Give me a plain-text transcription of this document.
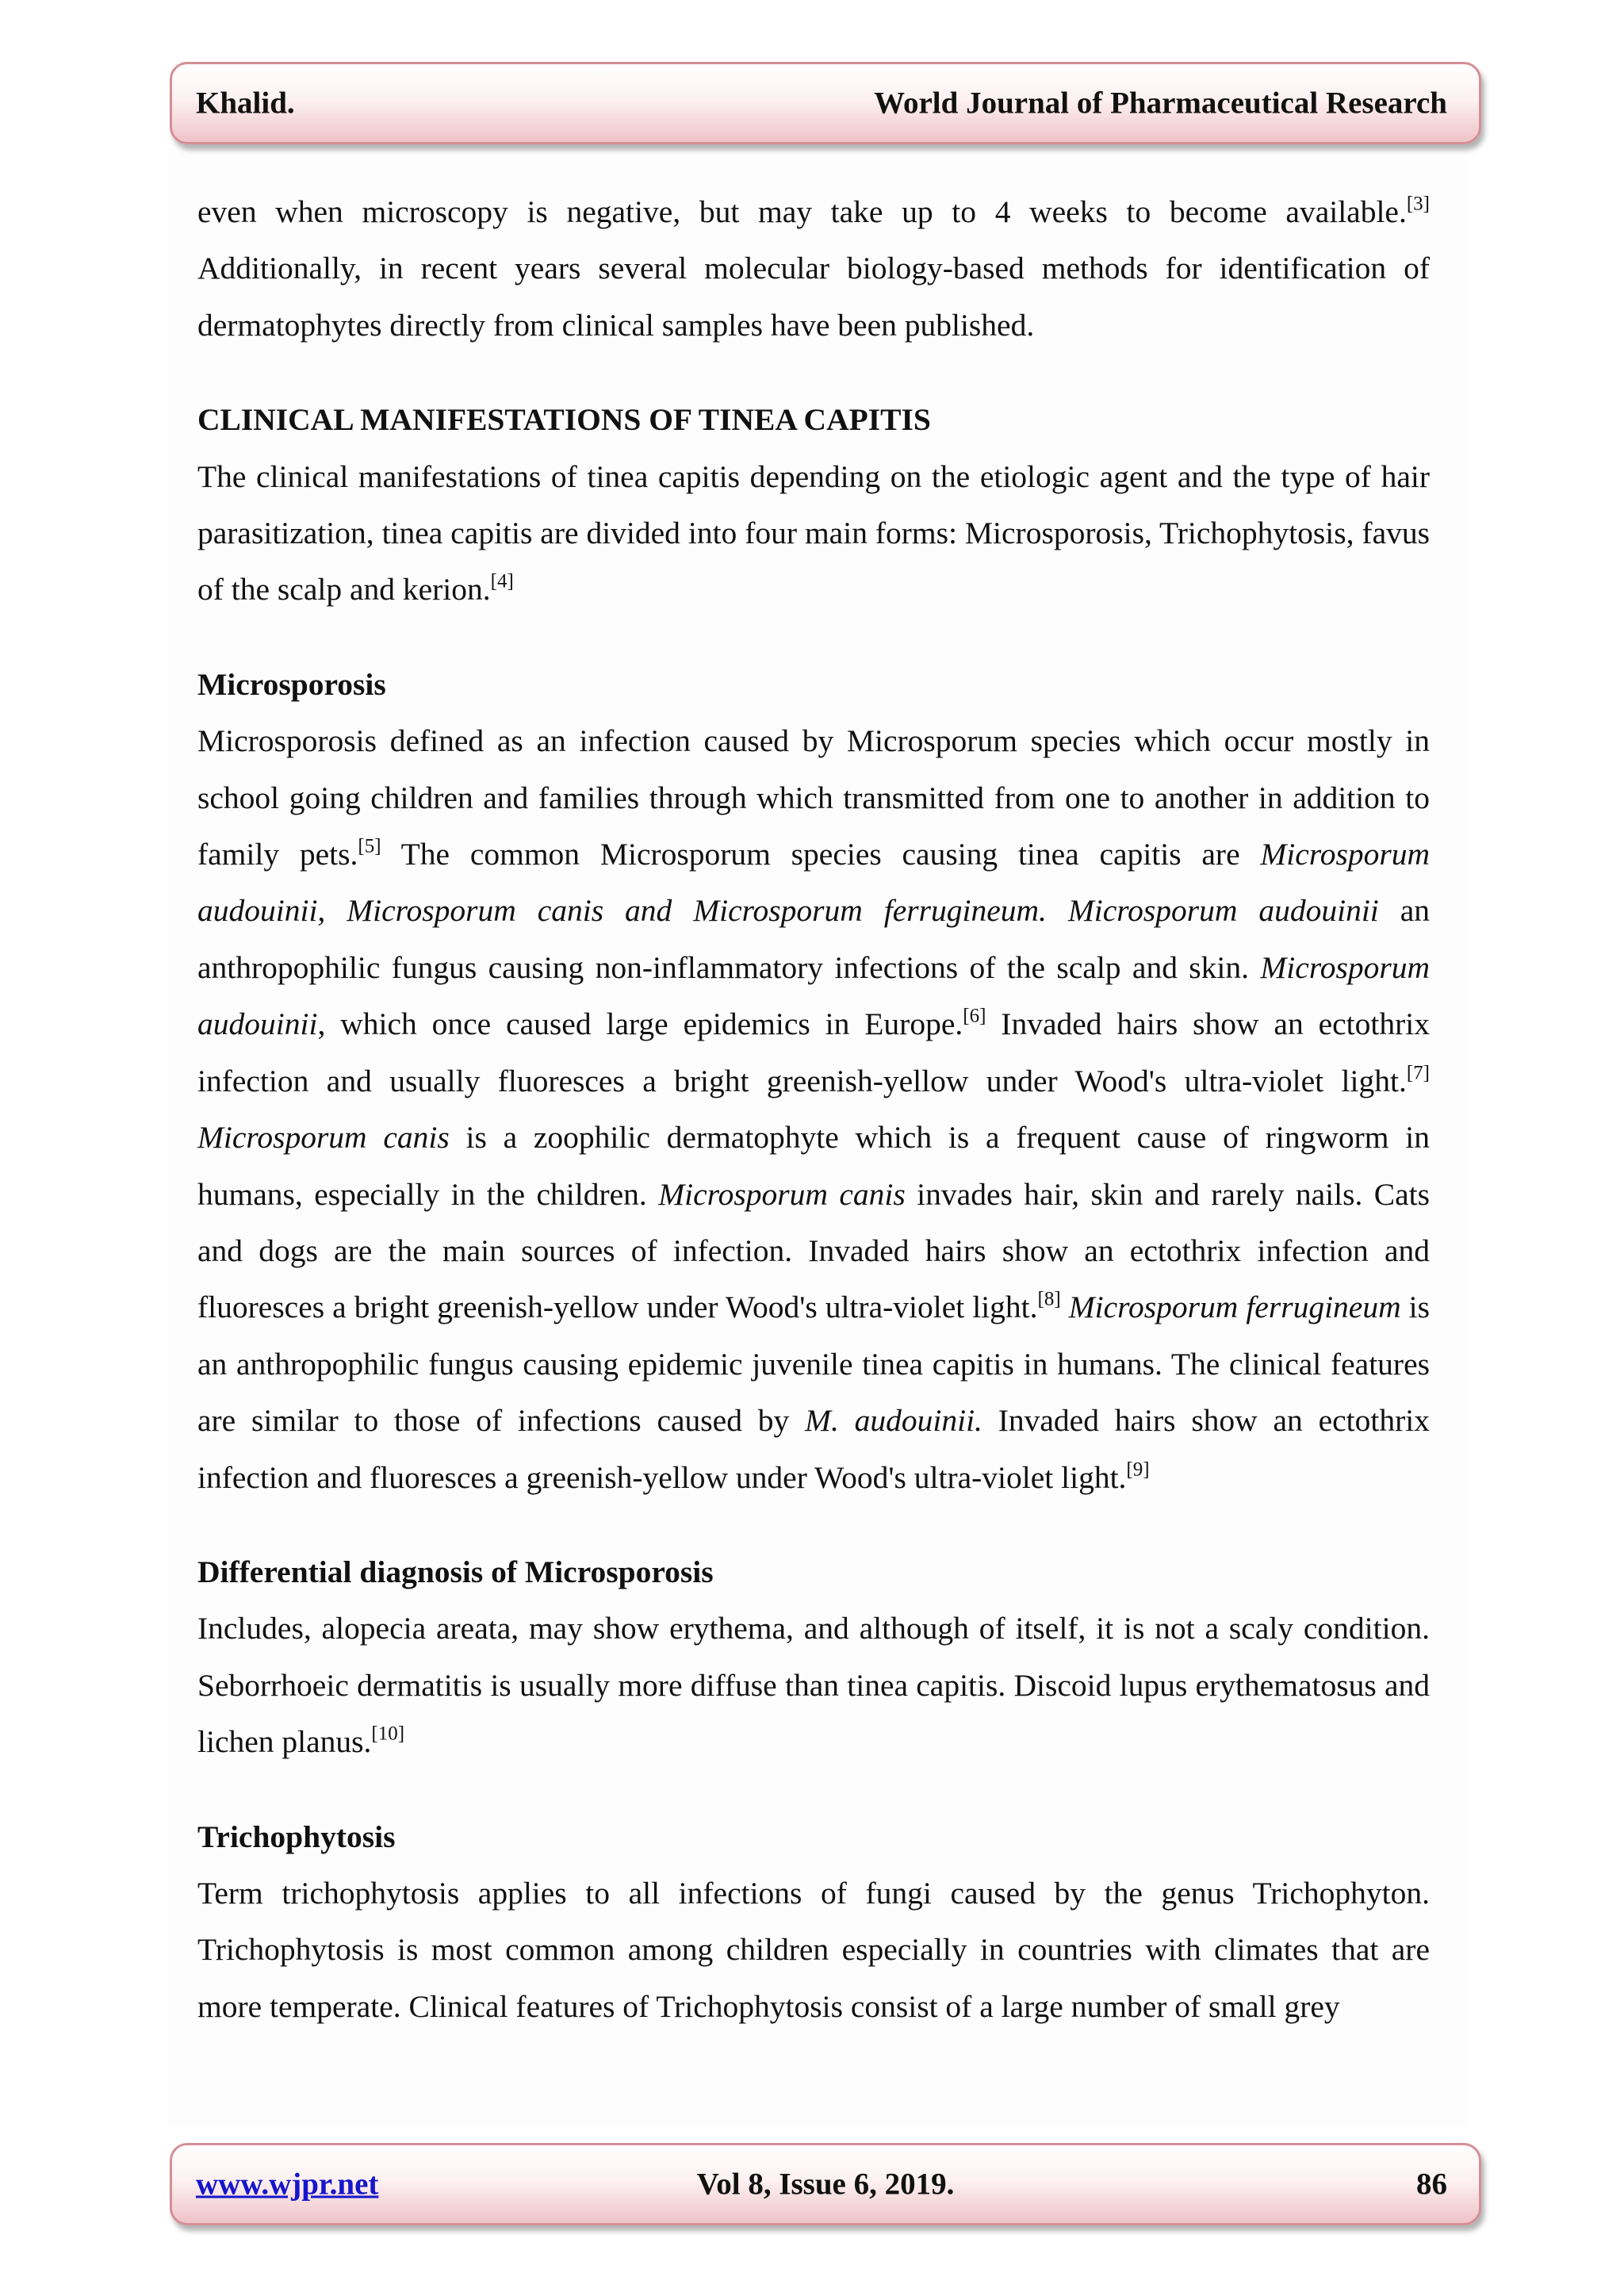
Khalid.	World Journal of Pharmaceutical Research

even when microscopy is negative, but may take up to 4 weeks to become available.[3] Additionally, in recent years several molecular biology-based methods for identification of dermatophytes directly from clinical samples have been published.

CLINICAL MANIFESTATIONS OF TINEA CAPITIS

The clinical manifestations of tinea capitis depending on the etiologic agent and the type of hair parasitization, tinea capitis are divided into four main forms: Microsporosis, Trichophytosis, favus of the scalp and kerion.[4]

Microsporosis

Microsporosis defined as an infection caused by Microsporum species which occur mostly in school going children and families through which transmitted from one to another in addition to family pets.[5] The common Microsporum species causing tinea capitis are Microsporum audouinii, Microsporum canis and Microsporum ferrugineum. Microsporum audouinii an anthropophilic fungus causing non-inflammatory infections of the scalp and skin. Microsporum audouinii, which once caused large epidemics in Europe.[6] Invaded hairs show an ectothrix infection and usually fluoresces a bright greenish-yellow under Wood's ultra-violet light.[7] Microsporum canis is a zoophilic dermatophyte which is a frequent cause of ringworm in humans, especially in the children. Microsporum canis invades hair, skin and rarely nails. Cats and dogs are the main sources of infection. Invaded hairs show an ectothrix infection and fluoresces a bright greenish-yellow under Wood's ultra-violet light.[8] Microsporum ferrugineum is an anthropophilic fungus causing epidemic juvenile tinea capitis in humans. The clinical features are similar to those of infections caused by M. audouinii. Invaded hairs show an ectothrix infection and fluoresces a greenish-yellow under Wood's ultra-violet light.[9]

Differential diagnosis of Microsporosis

Includes, alopecia areata, may show erythema, and although of itself, it is not a scaly condition. Seborrhoeic dermatitis is usually more diffuse than tinea capitis. Discoid lupus erythematosus and lichen planus.[10]

Trichophytosis

Term trichophytosis applies to all infections of fungi caused by the genus Trichophyton. Trichophytosis is most common among children especially in countries with climates that are more temperate. Clinical features of Trichophytosis consist of a large number of small grey

www.wjpr.net	Vol 8, Issue 6, 2019.	86
